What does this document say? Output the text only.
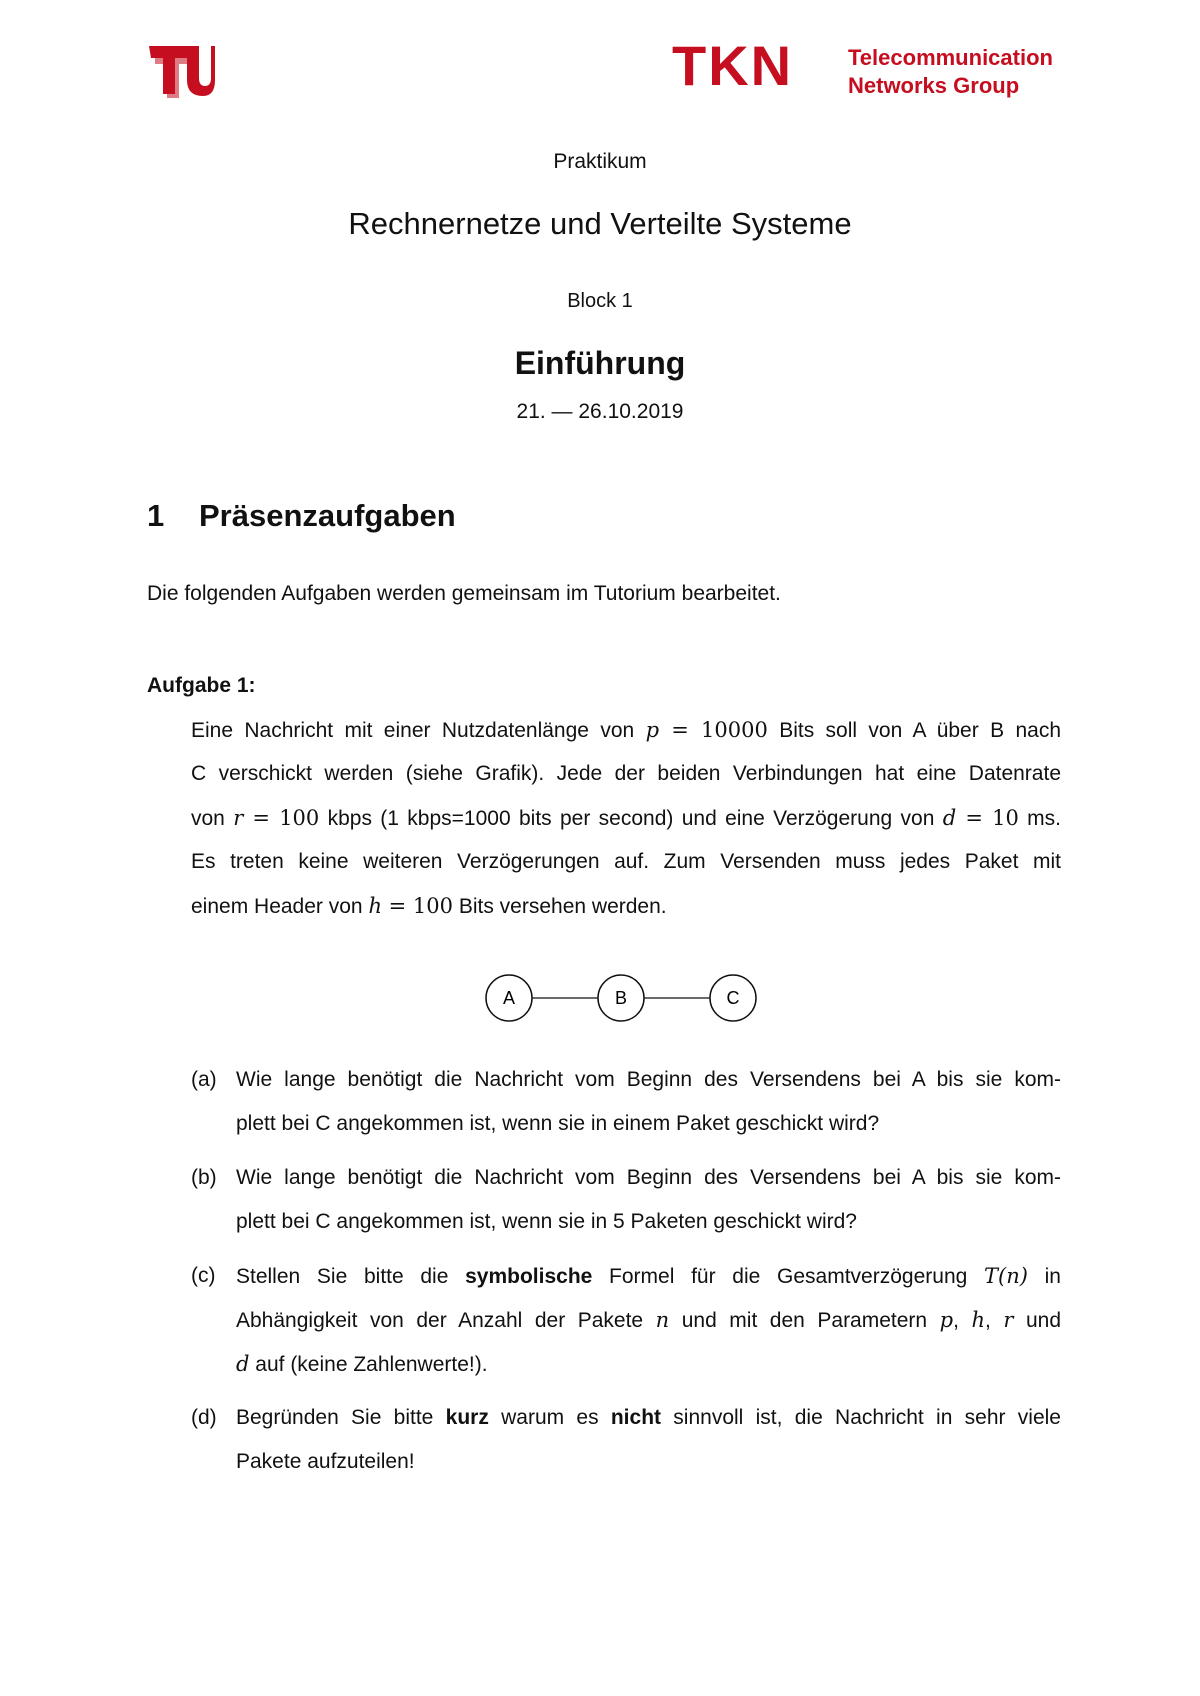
TKN Telecommunication
Networks Group
Praktikum
Rechnernetze und Verteilte Systeme
Block 1
Einführung
21. — 26.10.2019
1 Präsenzaufgaben
Die folgenden Aufgaben werden gemeinsam im Tutorium bearbeitet.
Aufgabe 1:
Eine Nachricht mit einer Nutzdatenlänge von p = 10000 Bits soll von A über B nach
C verschickt werden (siehe Grafik). Jede der beiden Verbindungen hat eine Datenrate
von r = 100 kbps (1 kbps=1000 bits per second) und eine Verzögerung von d = 10 ms.
Es treten keine weiteren Verzögerungen auf. Zum Versenden muss jedes Paket mit
einem Header von h = 100 Bits versehen werden.
A	B	C
(a) Wie lange benötigt die Nachricht vom Beginn des Versendens bei A bis sie kom-
plett bei C angekommen ist, wenn sie in einem Paket geschickt wird?
(b) Wie lange benötigt die Nachricht vom Beginn des Versendens bei A bis sie kom-
plett bei C angekommen ist, wenn sie in 5 Paketen geschickt wird?
(c) Stellen Sie bitte die symbolische Formel für die Gesamtverzögerung T(n) in
Abhängigkeit von der Anzahl der Pakete n und mit den Parametern p, h, r und
d auf (keine Zahlenwerte!).
(d) Begründen Sie bitte kurz warum es nicht sinnvoll ist, die Nachricht in sehr viele
Pakete aufzuteilen!
